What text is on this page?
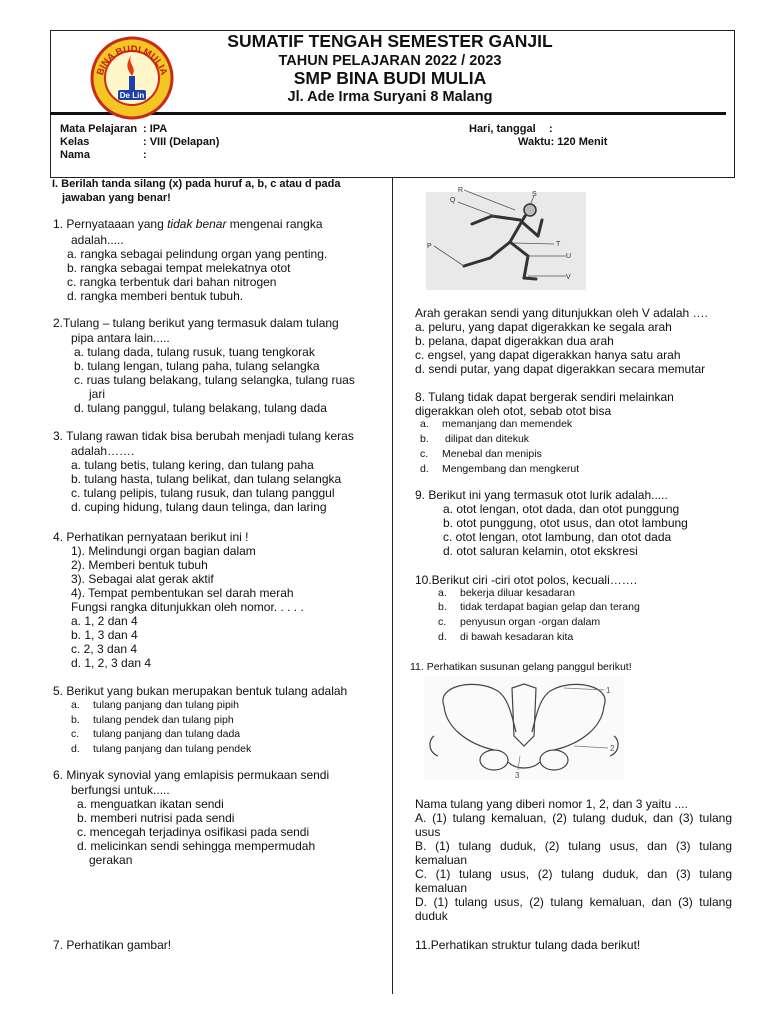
BINA BUDI MULIA
De Lin
SUMATIF TENGAH SEMESTER GANJIL
TAHUN PELAJARAN 2022 / 2023
SMP BINA BUDI MULIA
Jl. Ade Irma Suryani 8 Malang
Mata Pelajaran : IPA
Kelas	: VIII (Delapan)
Nama	:
Hari, tanggal :
Waktu: 120 Menit
I. Berilah tanda silang (x) pada huruf a, b, c atau d pada
jawaban yang benar!
1. Pernyataaan yang tidak benar mengenai rangka
adalah.....
a. rangka sebagai pelindung organ yang penting.
b. rangka sebagai tempat melekatnya otot
c. rangka terbentuk dari bahan nitrogen
d. rangka memberi bentuk tubuh.
2.Tulang – tulang berikut yang termasuk dalam tulang
pipa antara lain.....
a. tulang dada, tulang rusuk, tuang tengkorak
b. tulang lengan, tulang paha, tulang selangka
c. ruas tulang belakang, tulang selangka, tulang ruas
jari
d. tulang panggul, tulang belakang, tulang dada
3. Tulang rawan tidak bisa berubah menjadi tulang keras
adalah…….
a. tulang betis, tulang kering, dan tulang paha
b. tulang hasta, tulang belikat, dan tulang selangka
c. tulang pelipis, tulang rusuk, dan tulang panggul
d. cuping hidung, tulang daun telinga, dan laring
4. Perhatikan pernyataan berikut ini !
1). Melindungi organ bagian dalam
2). Memberi bentuk tubuh
3). Sebagai alat gerak aktif
4). Tempat pembentukan sel darah merah
Fungsi rangka ditunjukkan oleh nomor. . . . .
a. 1, 2 dan 4
b. 1, 3 dan 4
c. 2, 3 dan 4
d. 1, 2, 3 dan 4
5. Berikut yang bukan merupakan bentuk tulang adalah
a. tulang panjang dan tulang pipih
b. tulang pendek dan tulang piph
c. tulang panjang dan tulang dada
d. tulang panjang dan tulang pendek
6. Minyak synovial yang emlapisis permukaan sendi
berfungsi untuk.....
a. menguatkan ikatan sendi
b. memberi nutrisi pada sendi
c. mencegah terjadinya osifikasi pada sendi
d. melicinkan sendi sehingga mempermudah
gerakan
7. Perhatikan gambar!
R
S
Q
P	T
U
V
Arah gerakan sendi yang ditunjukkan oleh V adalah ….
a. peluru, yang dapat digerakkan ke segala arah
b. pelana, dapat digerakkan dua arah
c. engsel, yang dapat digerakkan hanya satu arah
d. sendi putar, yang dapat digerakkan secara memutar
8. Tulang tidak dapat bergerak sendiri melainkan
digerakkan oleh otot, sebab otot bisa
a. memanjang dan memendek
b. dilipat dan ditekuk
c. Menebal dan menipis
d. Mengembang dan mengkerut
9. Berikut ini yang termasuk otot lurik adalah.....
a. otot lengan, otot dada, dan otot punggung
b. otot punggung, otot usus, dan otot lambung
c. otot lengan, otot lambung, dan otot dada
d. otot saluran kelamin, otot ekskresi
10.Berikut ciri -ciri otot polos, kecuali…….
a. bekerja diluar kesadaran
b. tidak terdapat bagian gelap dan terang
c. penyusun organ -organ dalam
d. di bawah kesadaran kita
11. Perhatikan susunan gelang panggul berikut!
1
2
3
Nama tulang yang diberi nomor 1, 2, dan 3 yaitu ....
A. (1) tulang kemaluan, (2) tulang duduk, dan (3) tulang
usus
B. (1) tulang duduk, (2) tulang usus, dan (3) tulang
kemaluan
C. (1) tulang usus, (2) tulang duduk, dan (3) tulang
kemaluan
D. (1) tulang usus, (2) tulang kemaluan, dan (3) tulang
duduk
11.Perhatikan struktur tulang dada berikut!
